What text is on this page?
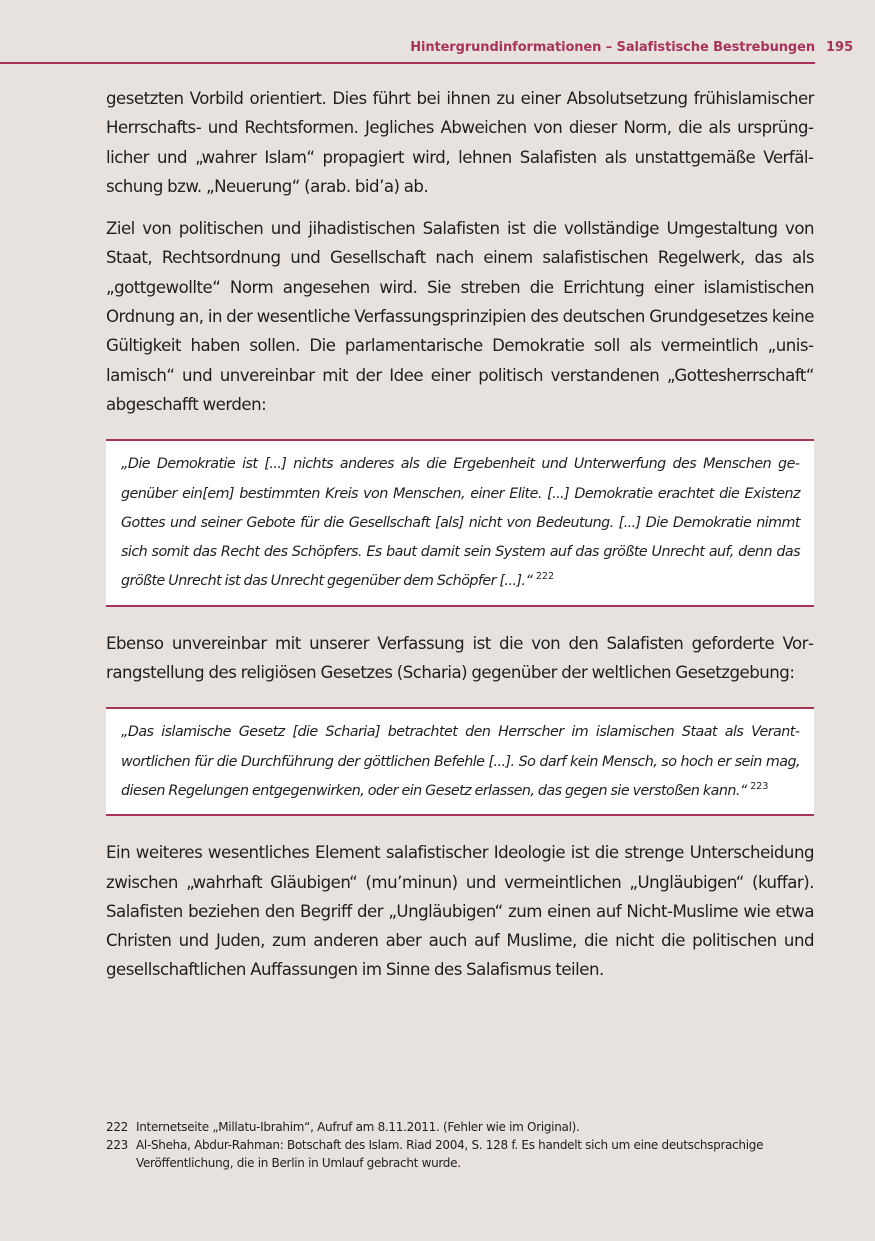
Hintergrundinformationen – Salafistische Bestrebungen 195

gesetzten Vorbild orientiert. Dies führt bei ihnen zu einer Absolutsetzung frühislamischer Herrschafts- und Rechtsformen. Jegliches Abweichen von dieser Norm, die als ursprünglicher und „wahrer Islam“ propagiert wird, lehnen Salafisten als unstattgemäße Verfälschung bzw. „Neuerung“ (arab. bid’a) ab.

Ziel von politischen und jihadistischen Salafisten ist die vollständige Umgestaltung von Staat, Rechtsordnung und Gesellschaft nach einem salafistischen Regelwerk, das als „gottgewollte“ Norm angesehen wird. Sie streben die Errichtung einer islamistischen Ordnung an, in der wesentliche Verfassungsprinzipien des deutschen Grundgesetzes keine Gültigkeit haben sollen. Die parlamentarische Demokratie soll als vermeintlich „unislamisch“ und unvereinbar mit der Idee einer politisch verstandenen „Gottesherrschaft“ abgeschafft werden:

„Die Demokratie ist [...] nichts anderes als die Ergebenheit und Unterwerfung des Menschen gegenüber ein[em] bestimmten Kreis von Menschen, einer Elite. [...] Demokratie erachtet die Existenz Gottes und seiner Gebote für die Gesellschaft [als] nicht von Bedeutung. [...] Die Demokratie nimmt sich somit das Recht des Schöpfers. Es baut damit sein System auf das größte Unrecht auf, denn das größte Unrecht ist das Unrecht gegenüber dem Schöpfer [...].“ $^{222}$

Ebenso unvereinbar mit unserer Verfassung ist die von den Salafisten geforderte Vorrangstellung des religiösen Gesetzes (Scharia) gegenüber der weltlichen Gesetzgebung:

„Das islamische Gesetz [die Scharia] betrachtet den Herrscher im islamischen Staat als Verantwortlichen für die Durchführung der göttlichen Befehle [...]. So darf kein Mensch, so hoch er sein mag, diesen Regelungen entgegenwirken, oder ein Gesetz erlassen, das gegen sie verstoßen kann.“ $^{223}$

Ein weiteres wesentliches Element salafistischer Ideologie ist die strenge Unterscheidung zwischen „wahrhaft Gläubigen“ (mu’minun) und vermeintlichen „Ungläubigen“ (kuffar). Salafisten beziehen den Begriff der „Ungläubigen“ zum einen auf Nicht-Muslime wie etwa Christen und Juden, zum anderen aber auch auf Muslime, die nicht die politischen und gesellschaftlichen Auffassungen im Sinne des Salafismus teilen.

222 Internetseite „Millatu-Ibrahim“, Aufruf am 8.11.2011. (Fehler wie im Original).
223 Al-Sheha, Abdur-Rahman: Botschaft des Islam. Riad 2004, S. 128 f. Es handelt sich um eine deutschsprachige Veröffentlichung, die in Berlin in Umlauf gebracht wurde.
